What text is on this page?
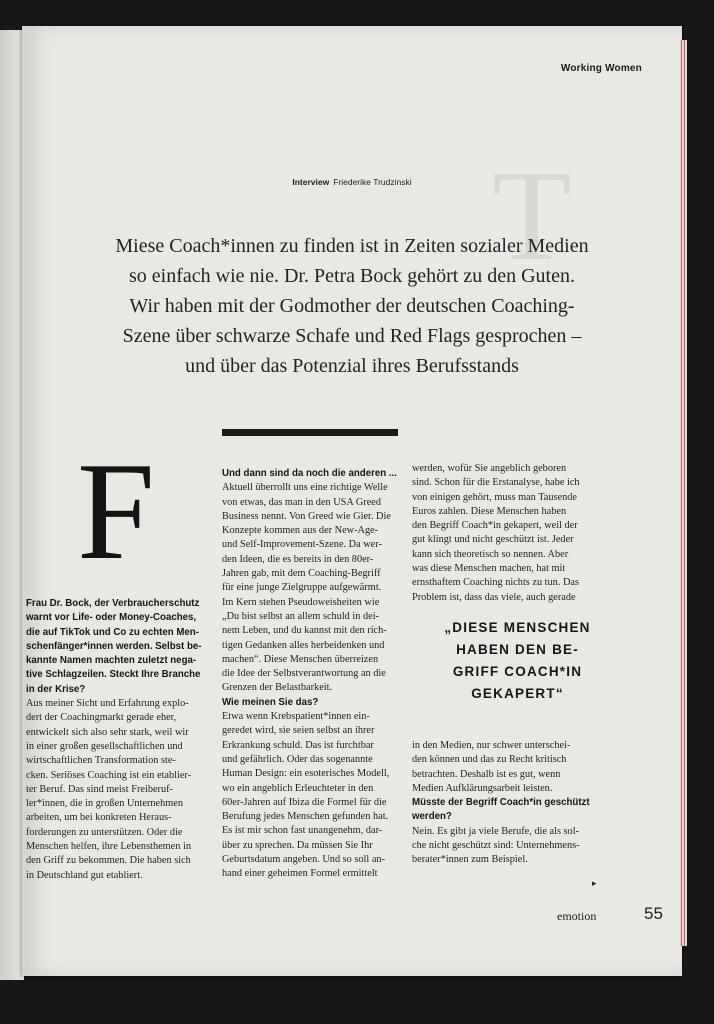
T
Working Women
Interview Friederike Trudzinski
Miese Coach*innen zu finden ist in Zeiten sozialer Medien
so einfach wie nie. Dr. Petra Bock gehört zu den Guten.
Wir haben mit der Godmother der deutschen Coaching-
Szene über schwarze Schafe und Red Flags gesprochen –
und über das Potenzial ihres Berufsstands
F
Frau Dr. Bock, der Verbraucherschutz
warnt vor Life- oder Money-Coaches,
die auf TikTok und Co zu echten Men-
schenfänger*innen werden. Selbst be-
kannte Namen machten zuletzt nega-
tive Schlagzeilen. Steckt Ihre Branche
in der Krise?
Aus meiner Sicht und Erfahrung explo-
dert der Coachingmarkt gerade eher,
entwickelt sich also sehr stark, weil wir
in einer großen gesellschaftlichen und
wirtschaftlichen Transformation ste-
cken. Seriöses Coaching ist ein etablier-
ter Beruf. Das sind meist Freiberuf-
ler*innen, die in großen Unternehmen
arbeiten, um bei konkreten Heraus-
forderungen zu unterstützen. Oder die
Menschen helfen, ihre Lebensthemen in
den Griff zu bekommen. Die haben sich
in Deutschland gut etabliert.
Und dann sind da noch die anderen ...
Aktuell überrollt uns eine richtige Welle
von etwas, das man in den USA Greed
Business nennt. Von Greed wie Gier. Die
Konzepte kommen aus der New-Age-
und Self-Improvement-Szene. Da wer-
den Ideen, die es bereits in den 80er-
Jahren gab, mit dem Coaching-Begriff
für eine junge Zielgruppe aufgewärmt.
Im Kern stehen Pseudoweisheiten wie
„Du bist selbst an allem schuld in dei-
nem Leben, und du kannst mit den rich-
tigen Gedanken alles herbeidenken und
machen“. Diese Menschen überreizen
die Idee der Selbstverantwortung an die
Grenzen der Belastbarkeit.
Wie meinen Sie das?
Etwa wenn Krebspatient*innen ein-
geredet wird, sie seien selbst an ihrer
Erkrankung schuld. Das ist furchtbar
und gefährlich. Oder das sogenannte
Human Design: ein esoterisches Modell,
wo ein angeblich Erleuchteter in den
60er-Jahren auf Ibiza die Formel für die
Berufung jedes Menschen gefunden hat.
Es ist mir schon fast unangenehm, dar-
über zu sprechen. Da müssen Sie Ihr
Geburtsdatum angeben. Und so soll an-
hand einer geheimen Formel ermittelt
werden, wofür Sie angeblich geboren
sind. Schon für die Erstanalyse, habe ich
von einigen gehört, muss man Tausende
Euros zahlen. Diese Menschen haben
den Begriff Coach*in gekapert, weil der
gut klingt und nicht geschützt ist. Jeder
kann sich theoretisch so nennen. Aber
was diese Menschen machen, hat mit
ernsthaftem Coaching nichts zu tun. Das
Problem ist, dass das viele, auch gerade
„DIESE MENSCHEN
HABEN DEN BE-
GRIFF COACH*IN
GEKAPERT“
in den Medien, nur schwer unterschei-
den können und das zu Recht kritisch
betrachten. Deshalb ist es gut, wenn
Medien Aufklärungsarbeit leisten.
Müsste der Begriff Coach*in geschützt
werden?
Nein. Es gibt ja viele Berufe, die als sol-
che nicht geschützt sind: Unternehmens-
berater*innen zum Beispiel.
▸
emotion	55
